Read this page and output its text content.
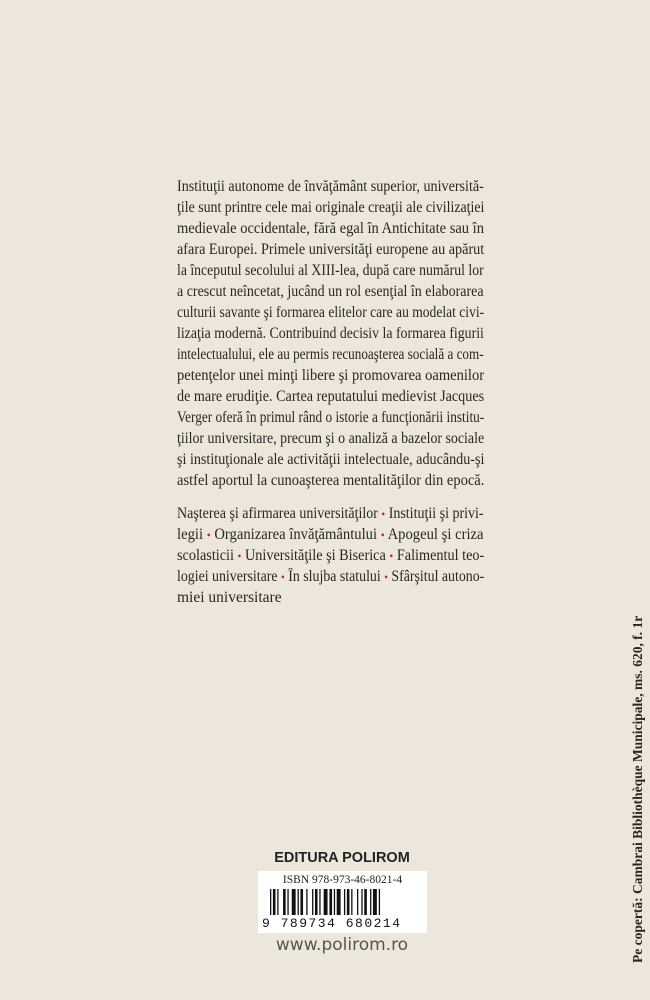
Instituţii autonome de învăţământ superior, universită-
ţile sunt printre cele mai originale creaţii ale civilizaţiei
medievale occidentale, fără egal în Antichitate sau în
afara Europei. Primele universităţi europene au apărut
la începutul secolului al XIII-lea, după care numărul lor
a crescut neîncetat, jucând un rol esenţial în elaborarea
culturii savante şi formarea elitelor care au modelat civi-
lizaţia modernă. Contribuind decisiv la formarea figurii
intelectualului, ele au permis recunoaşterea socială a com-
petenţelor unei minţi libere şi promovarea oamenilor
de mare erudiţie. Cartea reputatului medievist Jacques
Verger oferă în primul rând o istorie a funcţionării institu-
ţiilor universitare, precum şi o analiză a bazelor sociale
şi instituţionale ale activităţii intelectuale, aducându-şi
astfel aportul la cunoaşterea mentalităţilor din epocă.
Naşterea şi afirmarea universităţilor • Instituţii şi privi-
legii • Organizarea învăţământului • Apogeul şi criza
scolasticii • Universităţile şi Biserica • Falimentul teo-
logiei universitare • În slujba statului • Sfârşitul autono-
miei universitare
EDITURA POLIROM
ISBN 978-973-46-8021-4
9 789734 680214
www.polirom.ro	Pe copertă: Cambrai Bibliothèque Municipale, ms. 620, f. 1r
